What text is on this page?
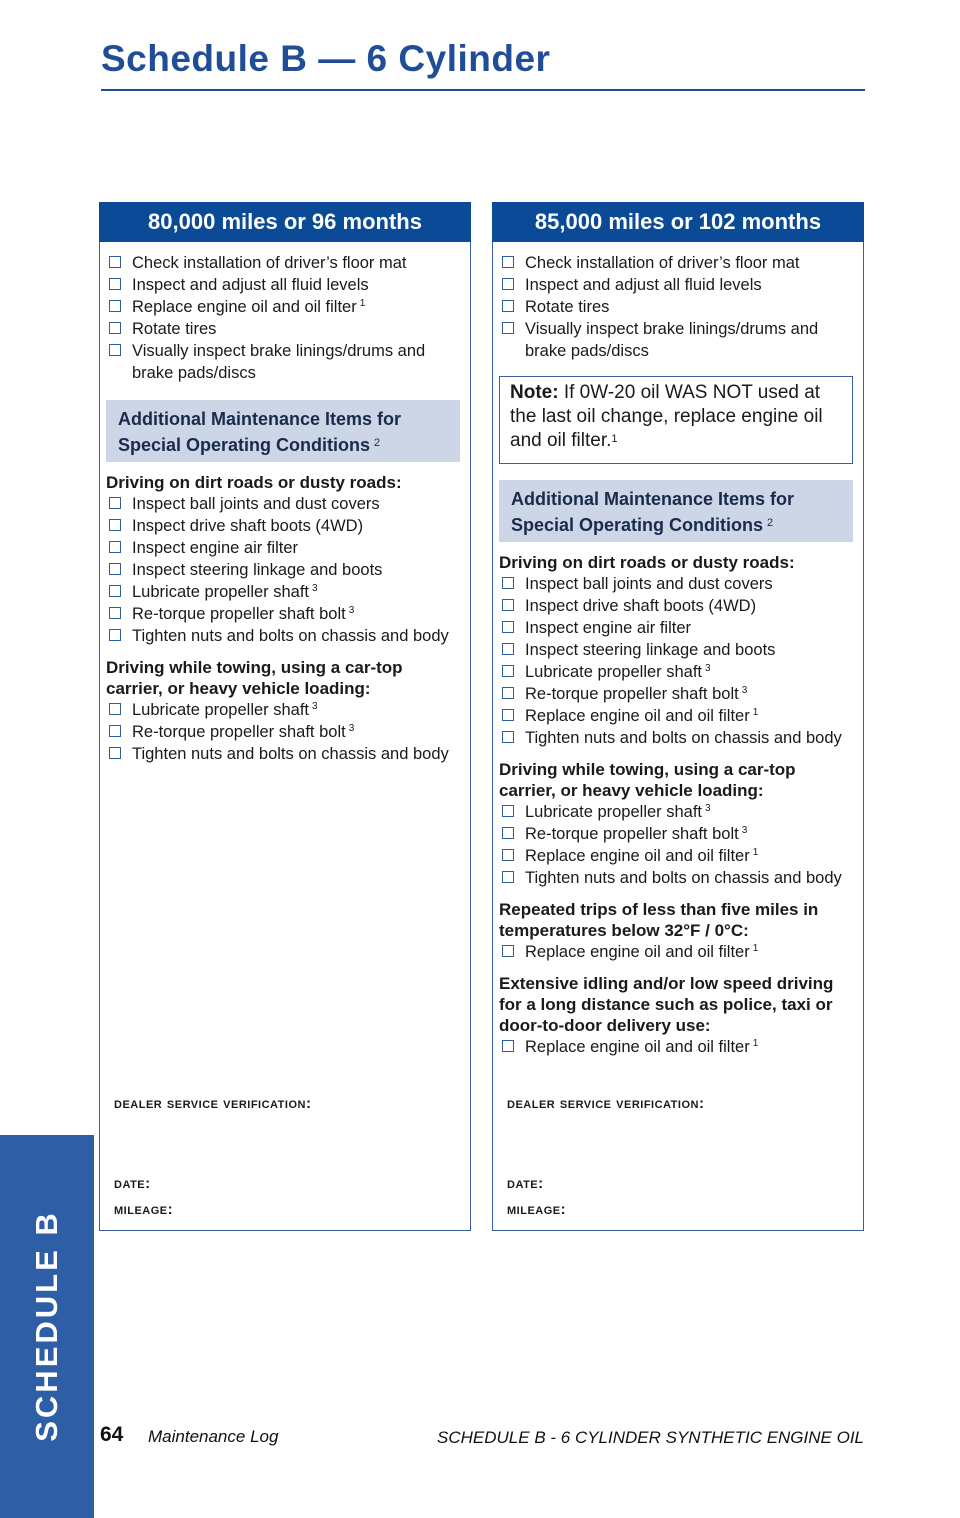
Schedule B — 6 Cylinder
SCHEDULE B
80,000 miles or 96 months
Check installation of driver’s floor mat
Inspect and adjust all fluid levels
Replace engine oil and oil filter $^1$
Rotate tires
Visually inspect brake linings/drums and brake pads/discs
Additional Maintenance Items for Special Operating Conditions $^2$
Driving on dirt roads or dusty roads:
Inspect ball joints and dust covers
Inspect drive shaft boots (4WD)
Inspect engine air filter
Inspect steering linkage and boots
Lubricate propeller shaft $^3$
Re-torque propeller shaft bolt $^3$
Tighten nuts and bolts on chassis and body
Driving while towing, using a car-top carrier, or heavy vehicle loading:
Lubricate propeller shaft $^3$
Re-torque propeller shaft bolt $^3$
Tighten nuts and bolts on chassis and body
dealer service verification:
date:
mileage:
85,000 miles or 102 months
Check installation of driver’s floor mat
Inspect and adjust all fluid levels
Rotate tires
Visually inspect brake linings/drums and brake pads/discs
Note: If 0W-20 oil WAS NOT used at the last oil change, replace engine oil and oil filter.$^1$
Additional Maintenance Items for Special Operating Conditions $^2$
Driving on dirt roads or dusty roads:
Inspect ball joints and dust covers
Inspect drive shaft boots (4WD)
Inspect engine air filter
Inspect steering linkage and boots
Lubricate propeller shaft $^3$
Re-torque propeller shaft bolt $^3$
Replace engine oil and oil filter $^1$
Tighten nuts and bolts on chassis and body
Driving while towing, using a car-top carrier, or heavy vehicle loading:
Lubricate propeller shaft $^3$
Re-torque propeller shaft bolt $^3$
Replace engine oil and oil filter $^1$
Tighten nuts and bolts on chassis and body
Repeated trips of less than five miles in temperatures below 32°F / 0°C:
Replace engine oil and oil filter $^1$
Extensive idling and/or low speed driving for a long distance such as police, taxi or door-to-door delivery use:
Replace engine oil and oil filter $^1$
dealer service verification:
date:
mileage:
64 Maintenance Log	SCHEDULE B - 6 CYLINDER SYNTHETIC ENGINE OIL
